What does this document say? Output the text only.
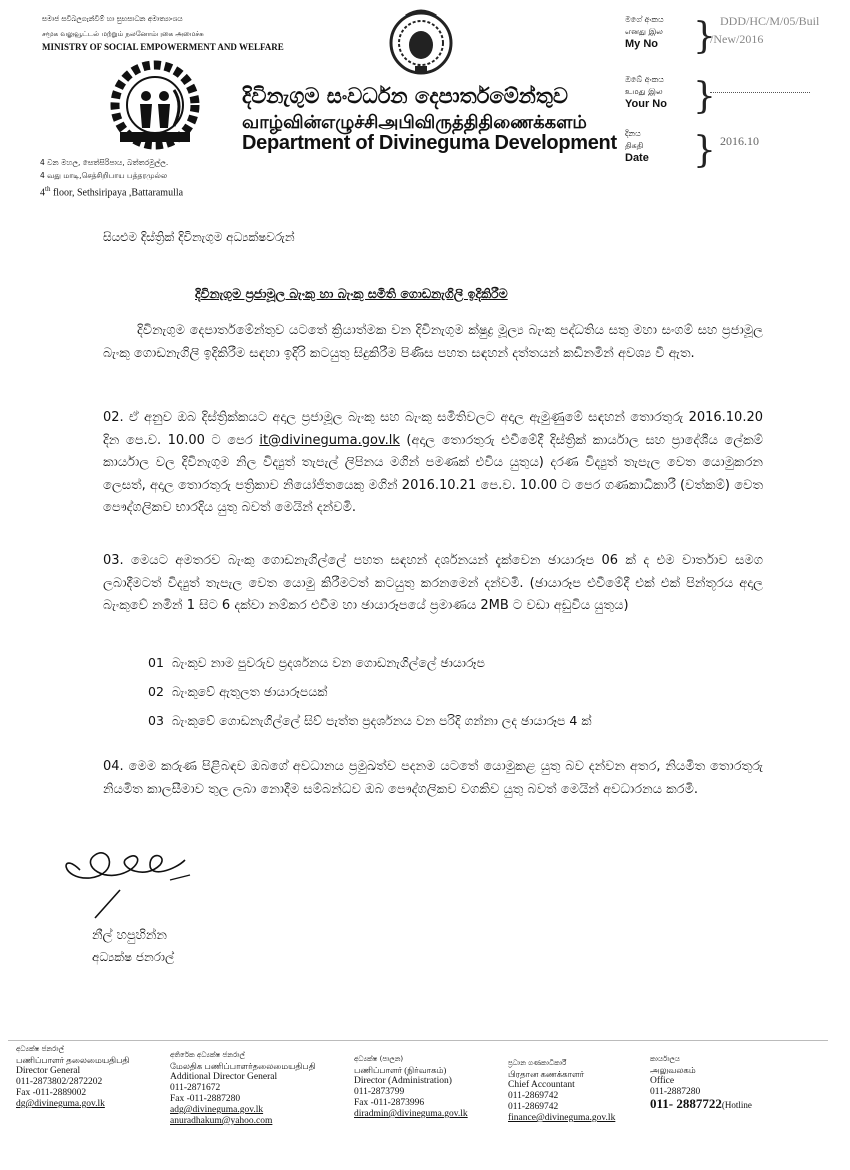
සමාජ සවිබලගැන්වීම් හා සුභසාධන අමාත්‍යාංශය
சமூக வலுவூட்டல் மற்றும் நலனோம்புகை அமைச்சு
MINISTRY OF SOCIAL EMPOWERMENT AND WELFARE
දිවිනැගුම සංවර්ධන දෙපාර්තමේන්තුව
வாழ்வின்எழுச்சிஅபிவிருத்திதிணைக்களம்
Department of Divineguma Development
4 වන මහල, සෙත්සිරිපාය, බත්තරමුල්ල.
4 வது மாடி,செத்சிறிபாய பத்தரமுல்ல
4th floor, Sethsiripaya ,Battaramulla
මගේ අංකය
எனது இல
My No } DDD/HC/M/05/Buil
/New/2016
ඔබේ අංකය
உமது இல
Your No }
දිනය
திகதி
Date	} 2016.10
සියළුම දිස්ත්‍රික් දිවිනැගුම අධ්‍යක්ෂවරුන්
දිවිනැගුම ප්‍රජාමූල බැංකු හා බැංකු සමිති ගොඩනැගිලි ඉදිකිරීම
දිවිනැගුම දෙපාර්තමේන්තුව යටතේ ක්‍රියාත්මක වන දිවිනැගුම ක්ෂුද්‍ර මූල්‍ය බැංකු පද්ධතිය සතු මහා සංගම් සහ ප්‍රජාමූල බැංකු ගොඩනැගිලි ඉදිකිරීම සඳහා ඉදිරි කටයුතු සිදුකිරීම පිණිස පහත සඳහන් දත්තයන් කඩිනමින් අවශ්‍ය වී ඇත.
02. ඒ අනුව ඔබ දිස්ත්‍රික්කයට අදාල ප්‍රජාමූල බැංකු සහ බැංකු සමිතිවලට අදාල ඇමුණුමේ සඳහන් තොරතුරු 2016.10.20 දින පෙ.ව. 10.00 ට පෙර it@divineguma.gov.lk (අදාල තොරතුරු එවීමේදී දිස්ත්‍රික් කාර්යාල සහ ප්‍රාදේශීය ලේකම් කාර්යාල වල දිවිනැගුම නිල විද්‍යුත් තැපැල් ලිපිනය මගින් පමණක් එවිය යුතුය) දරණ විද්‍යුත් තැපැල වෙත යොමුකරන ලෙසත්, අදාල තොරතුරු පත්‍රිකාව නියෝජිතයෙකු මගින් 2016.10.21 පෙ.ව. 10.00 ට පෙර ගණකාධිකාරී (වත්කම්) වෙත පෞද්ගලිකව භාරදිය යුතු බවත් මෙයින් දන්වමි.
03. මෙයට අමතරව බැංකු ගොඩනැගිල්ලේ පහත සඳහන් දර්ශනයන් දැක්වෙන ඡායාරූප 06 ක් ද එම වාර්තාව සමග ලබාදීමටත් විද්‍යුත් තැපැල වෙත යොමු කිරීමටත් කටයුතු කරනමෙන් දන්වමි. (ඡායාරූප එවීමේදී එක් එක් පින්තූරය අදාල බැංකුවේ නමින් 1 සිට 6 දක්වා නම්කර එවීම හා ඡායාරූපයේ ප්‍රමාණය 2MB ට වඩා අඩුවිය යුතුය)
01 බැංකුව නාම පුවරුව ප්‍රදර්ශනය වන ගොඩනැගිල්ලේ ඡායාරූප
02 බැංකුවේ ඇතුලත ඡායාරූපයක්
03 බැංකුවේ ගොඩනැගිල්ලේ සිව් පැත්ත ප්‍රදර්ශනය වන පරිදි ගන්නා ලද ඡායාරූප 4 ක්
04. මෙම කරුණ පිළිබඳව ඔබගේ අවධානය ප්‍රමුඛත්ව පදනම යටතේ යොමුකළ යුතු බව දන්වන අතර, නියමිත තොරතුරු නියමිත කාලසීමාව තුල ලබා නොදීම සම්බන්ධව ඔබ පෞද්ගලිකව වගකිව යුතු බවත් මෙයින් අවධාරනය කරමි.
නීල් හපුහින්න
අධ්‍යක්ෂ ජනරාල්
අධ්‍යක්ෂ ජනරාල්
பணிப்பாளர் தலைமையதிபதி
Director General
011-2873802/2872202
Fax -011-2889002
dg@divineguma.gov.lk
අතිරේක අධ්‍යක්ෂ ජනරාල්
மேலதிக பணிப்பாளர்தலைமையதிபதி
Additional Director General
011-2871672
Fax -011-2887280
adg@divineguma.gov.lk
anuradhakum@yahoo.com
අධ්‍යක්ෂ (පාලන)
பணிப்பாளர் (நிர்வாகம்)
Director (Administration)
011-2873799
Fax -011-2873996
diradmin@divineguma.gov.lk
ප්‍රධාන ගණකාධිකාරී
பிரதான கணக்காளர்
Chief Accountant
011-2869742
011-2869742
finance@divineguma.gov.lk
කාර්යාලය
அலுவலகம்
Office
011-2887280
011- 2887722(Hotline
